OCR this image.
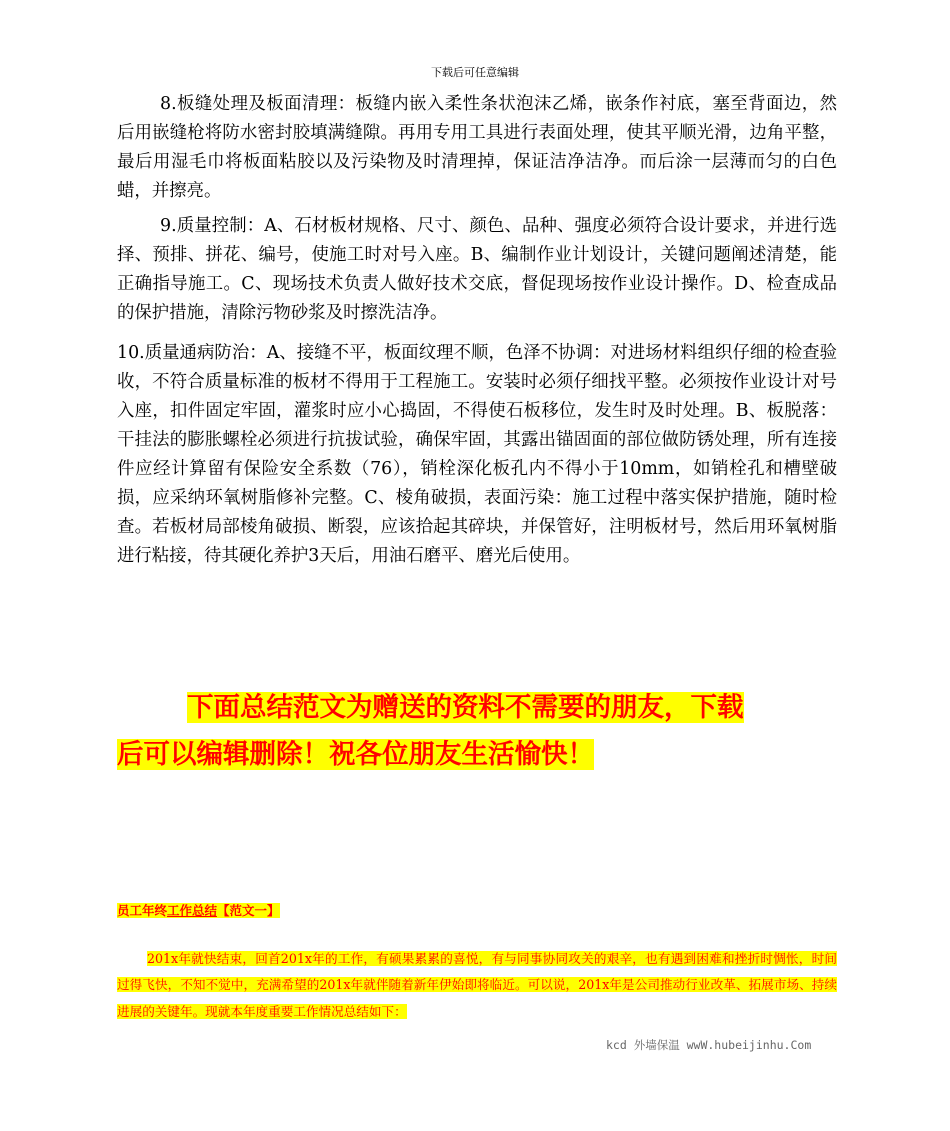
下载后可任意编辑

8.板缝处理及板面清理：板缝内嵌入柔性条状泡沫乙烯，嵌条作衬底，塞至背面边，然后用嵌缝枪将防水密封胶填满缝隙。再用专用工具进行表面处理，使其平顺光滑，边角平整，最后用湿毛巾将板面粘胶以及污染物及时清理掉，保证洁净洁净。而后涂一层薄而匀的白色蜡，并擦亮。

9.质量控制：A、石材板材规格、尺寸、颜色、品种、强度必须符合设计要求，并进行选择、预排、拼花、编号，使施工时对号入座。B、编制作业计划设计，关键问题阐述清楚，能正确指导施工。C、现场技术负责人做好技术交底，督促现场按作业设计操作。D、检查成品的保护措施，清除污物砂浆及时擦洗洁净。

10.质量通病防治：A、接缝不平，板面纹理不顺，色泽不协调：对进场材料组织仔细的检查验收，不符合质量标准的板材不得用于工程施工。安装时必须仔细找平整。必须按作业设计对号入座，扣件固定牢固，灌浆时应小心捣固，不得使石板移位，发生时及时处理。B、板脱落：干挂法的膨胀螺栓必须进行抗拔试验，确保牢固，其露出锚固面的部位做防锈处理，所有连接件应经计算留有保险安全系数（76），销栓深化板孔内不得小于10mm，如销栓孔和槽壁破损，应采纳环氧树脂修补完整。C、棱角破损，表面污染：施工过程中落实保护措施，随时检查。若板材局部棱角破损、断裂，应该拾起其碎块，并保管好，注明板材号，然后用环氧树脂进行粘接，待其硬化养护3天后，用油石磨平、磨光后使用。

下面总结范文为赠送的资料不需要的朋友，下载

后可以编辑删除！祝各位朋友生活愉快！

员工年终工作总结【范文一】

201x年就快结束，回首201x年的工作，有硕果累累的喜悦，有与同事协同攻关的艰辛，也有遇到困难和挫折时惆怅，时间过得飞快，不知不觉中，充满希望的201x年就伴随着新年伊始即将临近。可以说，201x年是公司推动行业改革、拓展市场、持续进展的关键年。现就本年度重要工作情况总结如下：

kcd 外墙保温 wwW.hubeijinhu.Com
